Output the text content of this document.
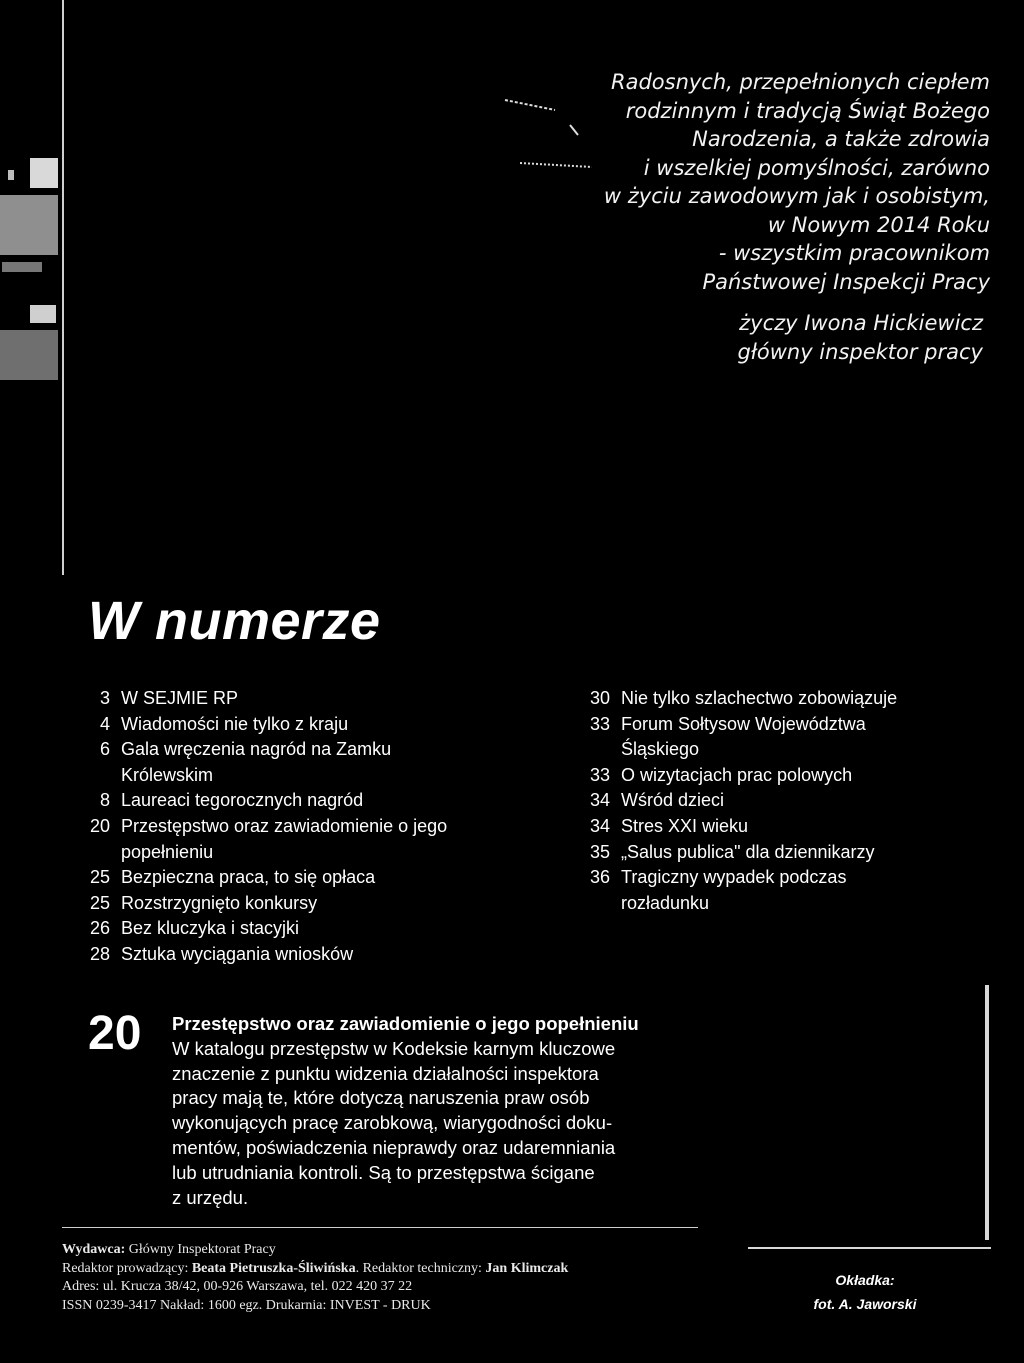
Radosnych, przepełnionych ciepłem
rodzinnym i tradycją Świąt Bożego
Narodzenia, a także zdrowia
i wszelkiej pomyślności, zarówno
w życiu zawodowym jak i osobistym,
w Nowym 2014 Roku
- wszystkim pracownikom
Państwowej Inspekcji Pracy
życzy Iwona Hickiewicz
główny inspektor pracy
W numerze
3 W SEJMIE RP
4 Wiadomości nie tylko z kraju
6 Gala wręczenia nagród na Zamku
Królewskim
8 Laureaci tegorocznych nagród
20 Przestępstwo oraz zawiadomienie o jego
popełnieniu
25 Bezpieczna praca, to się opłaca
25 Rozstrzygnięto konkursy
26 Bez kluczyka i stacyjki
28 Sztuka wyciągania wniosków
30 Nie tylko szlachectwo zobowiązuje
33 Forum Sołtysow Województwa
Śląskiego
33 O wizytacjach prac polowych
34 Wśród dzieci
34 Stres XXI wieku
35 „Salus publica" dla dziennikarzy
36 Tragiczny wypadek podczas
rozładunku
20 Przestępstwo oraz zawiadomienie o jego popełnieniu
W katalogu przestępstw w Kodeksie karnym kluczowe
znaczenie z punktu widzenia działalności inspektora
pracy mają te, które dotyczą naruszenia praw osób
wykonujących pracę zarobkową, wiarygodności doku-
mentów, poświadczenia nieprawdy oraz udaremniania
lub utrudniania kontroli. Są to przestępstwa ścigane
z urzędu.
Wydawca: Główny Inspektorat Pracy
Redaktor prowadzący: Beata Pietruszka-Śliwińska. Redaktor techniczny: Jan Klimczak
Adres: ul. Krucza 38/42, 00-926 Warszawa, tel. 022 420 37 22
ISSN 0239-3417 Nakład: 1600 egz. Drukarnia: INVEST - DRUK
Okładka:
fot. A. Jaworski
